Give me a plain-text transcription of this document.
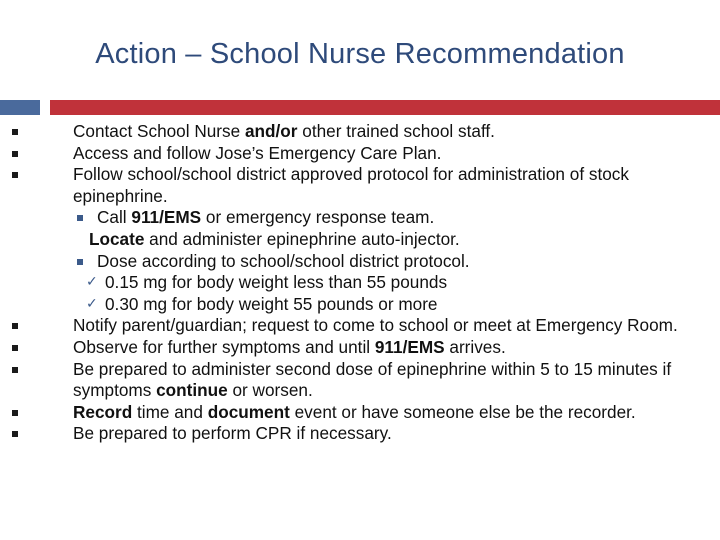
Action – School Nurse Recommendation
Contact School Nurse and/or other trained school staff.
Access and follow Jose’s Emergency Care Plan.
Follow school/school district approved protocol for administration of stock epinephrine.
Call 911/EMS or emergency response team.
Locate and administer epinephrine auto-injector.
Dose according to school/school district protocol.
✓ 0.15 mg for body weight less than 55 pounds
✓ 0.30 mg for body weight 55 pounds or more
Notify parent/guardian; request to come to school or meet at Emergency Room.
Observe for further symptoms and until 911/EMS arrives.
Be prepared to administer second dose of epinephrine within 5 to 15 minutes if symptoms continue or worsen.
Record time and document event or have someone else be the recorder.
Be prepared to perform CPR if necessary.
